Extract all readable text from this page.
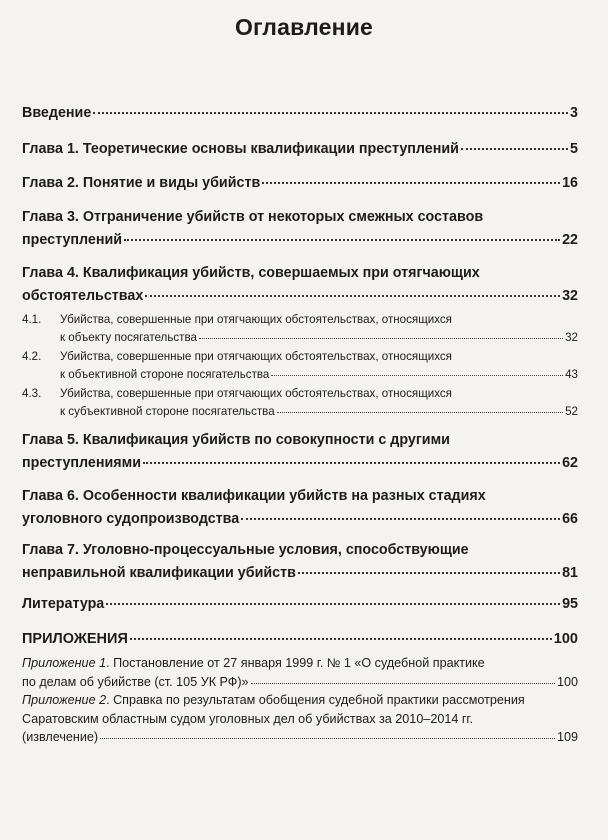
Оглавление
Введение	3
Глава 1. Теоретические основы квалификации преступлений	5
Глава 2. Понятие и виды убийств	16
Глава 3. Отграничение убийств от некоторых смежных составов
преступлений	22
Глава 4. Квалификация убийств, совершаемых при отягчающих
обстоятельствах	32
4.1. Убийства, совершенные при отягчающих обстоятельствах, относящихся
к объекту посягательства	32
4.2. Убийства, совершенные при отягчающих обстоятельствах, относящихся
к объективной стороне посягательства	43
4.3. Убийства, совершенные при отягчающих обстоятельствах, относящихся
к субъективной стороне посягательства	52
Глава 5. Квалификация убийств по совокупности с другими
преступлениями	62
Глава 6. Особенности квалификации убийств на разных стадиях
уголовного судопроизводства	66
Глава 7. Уголовно-процессуальные условия, способствующие
неправильной квалификации убийств	81
Литература	95
ПРИЛОЖЕНИЯ	100
Приложение 1. Постановление от 27 января 1999 г. № 1 «О судебной практике
по делам об убийстве (ст. 105 УК РФ)»	100
Приложение 2. Справка по результатам обобщения судебной практики рассмотрения
Саратовским областным судом уголовных дел об убийствах за 2010–2014 гг.
(извлечение)	109
